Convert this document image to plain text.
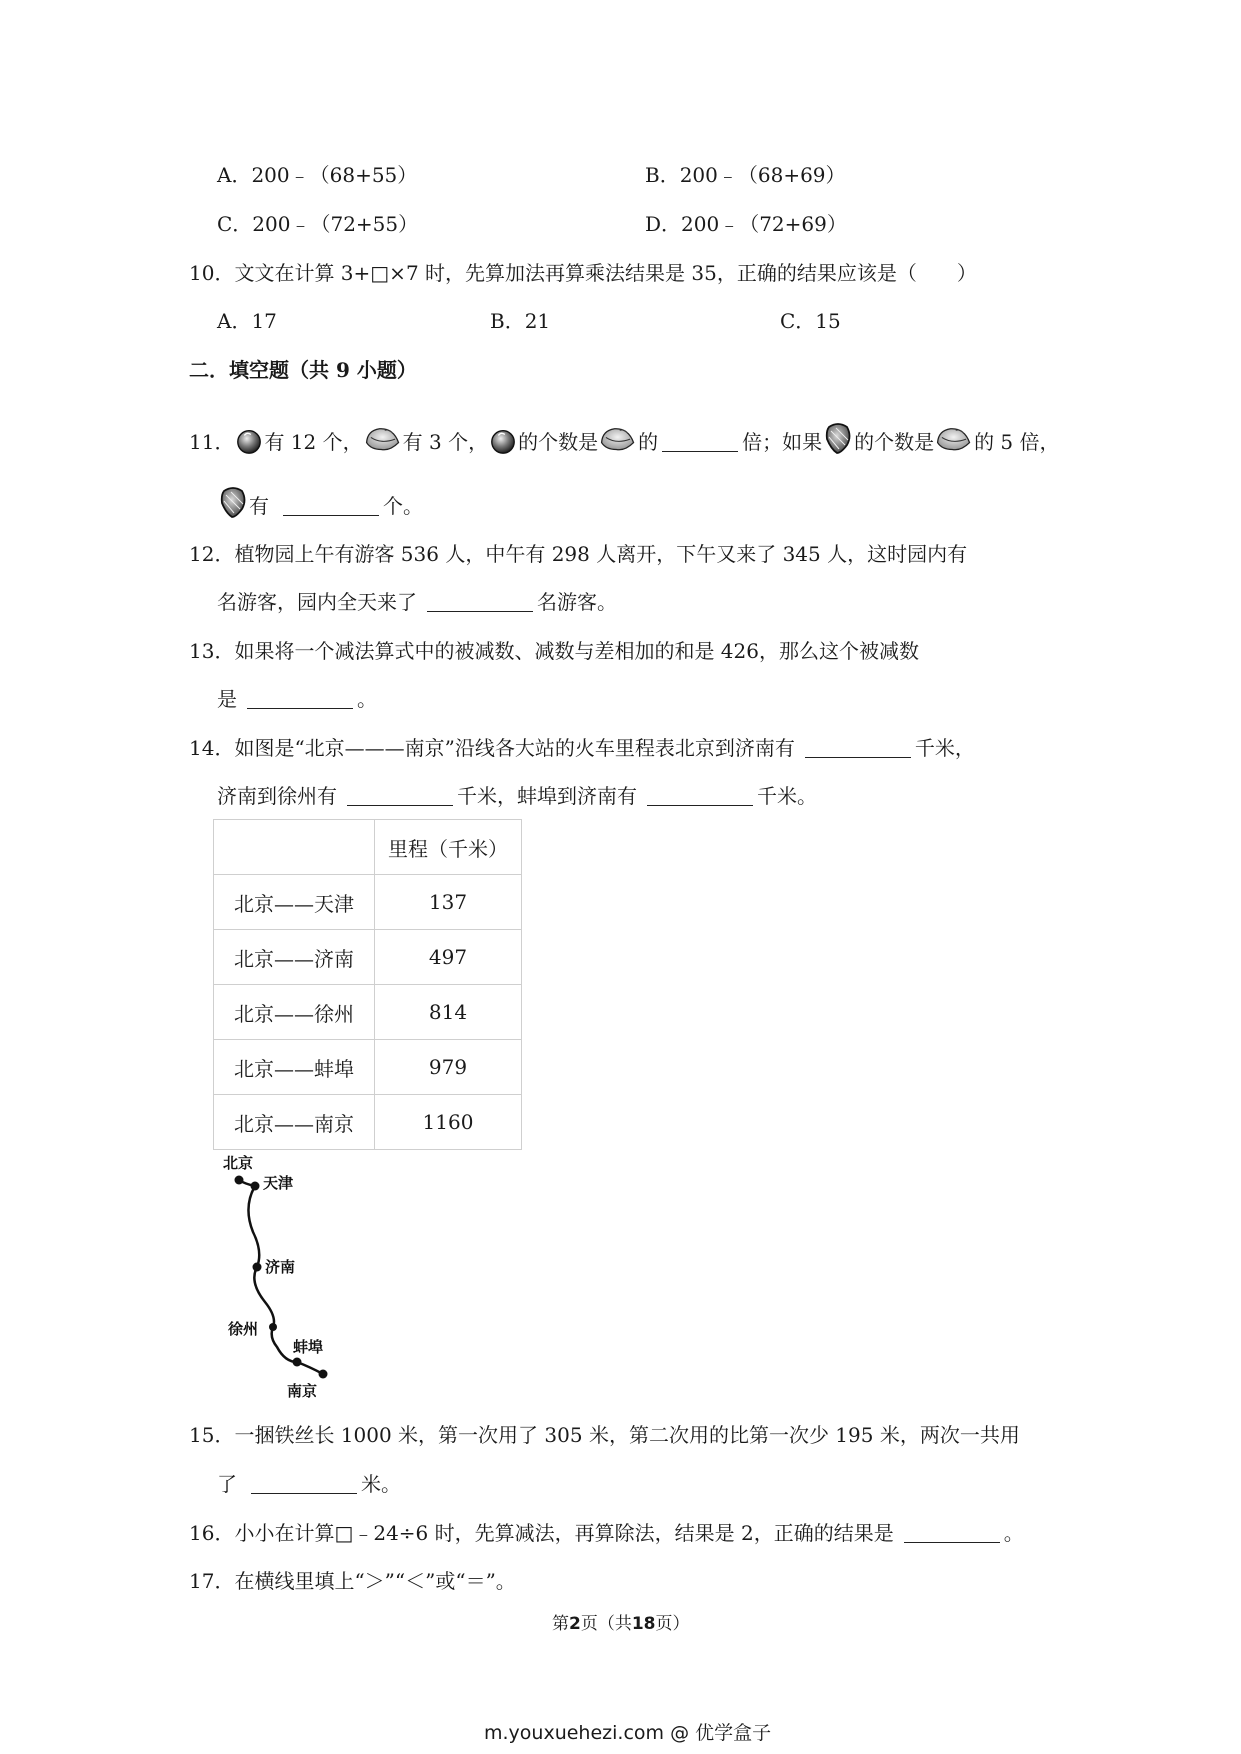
A．200﹣（68+55）	B．200﹣（68+69）
C．200﹣（72+55）	D．200﹣（72+69）
10．文文在计算 3+□×7 时，先算加法再算乘法结果是 35，正确的结果应该是（　　）
A．17	B．21	C．15
二．填空题（共 9 小题）
11． 有 12 个， 有 3 个， 的个数是 的	倍；如果 的个数是 的 5 倍，
有	个。
12．植物园上午有游客 536 人，中午有 298 人离开，下午又来了 345 人，这时园内有
名游客，园内全天来了	名游客。
13．如果将一个减法算式中的被减数、减数与差相加的和是 426，那么这个被减数
是	。
14．如图是“北京———南京”沿线各大站的火车里程表北京到济南有	千米，
济南到徐州有	千米，蚌埠到济南有	千米。
	里程（千米）
北京——天津	137
北京——济南	497
北京——徐州	814
北京——蚌埠	979
北京——南京	1160
北京
天津
济南
徐州
蚌埠
南京
15．一捆铁丝长 1000 米，第一次用了 305 米，第二次用的比第一次少 195 米，两次一共用
了	米。
16．小小在计算□﹣24÷6 时，先算减法，再算除法，结果是 2，正确的结果是	。
17．在横线里填上“＞”“＜”或“＝”。
第2页（共18页）
m.youxuehezi.com @ 优学盒子
